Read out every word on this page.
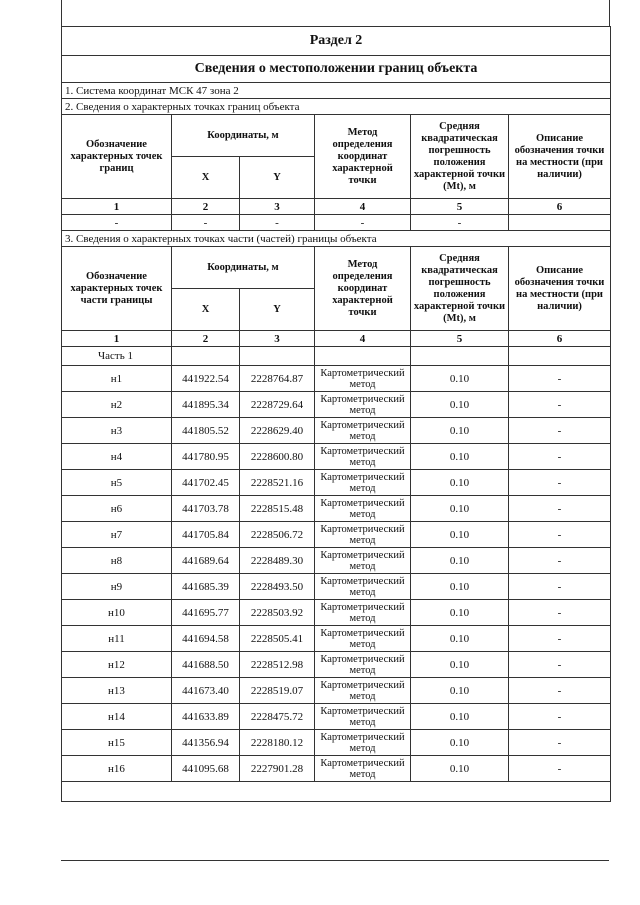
Раздел 2					
Сведения о местоположении границ объекта					
1. Система координат МСК 47 зона 2					
2. Сведения о характерных точках границ объекта					
Обозначение характерных точек границ	Координаты, м		Метод определения координат характерной точки	Средняя квадратическая погрешность положения характерной точки (Mt), м	Описание обозначения точки на местности (при наличии)
	X	Y			
1	2	3	4	5	6
-	-	-	-	-	
3. Сведения о характерных точках части (частей) границы объекта					
Обозначение характерных точек части границы	Координаты, м		Метод определения координат характерной точки	Средняя квадратическая погрешность положения характерной точки (Mt), м	Описание обозначения точки на местности (при наличии)
	X	Y			
1	2	3	4	5	6
Часть 1					
н1	441922.54	2228764.87	Картометрический метод	0.10	-
н2	441895.34	2228729.64	Картометрический метод	0.10	-
н3	441805.52	2228629.40	Картометрический метод	0.10	-
н4	441780.95	2228600.80	Картометрический метод	0.10	-
н5	441702.45	2228521.16	Картометрический метод	0.10	-
н6	441703.78	2228515.48	Картометрический метод	0.10	-
н7	441705.84	2228506.72	Картометрический метод	0.10	-
н8	441689.64	2228489.30	Картометрический метод	0.10	-
н9	441685.39	2228493.50	Картометрический метод	0.10	-
н10	441695.77	2228503.92	Картометрический метод	0.10	-
н11	441694.58	2228505.41	Картометрический метод	0.10	-
н12	441688.50	2228512.98	Картометрический метод	0.10	-
н13	441673.40	2228519.07	Картометрический метод	0.10	-
н14	441633.89	2228475.72	Картометрический метод	0.10	-
н15	441356.94	2228180.12	Картометрический метод	0.10	-
н16	441095.68	2227901.28	Картометрический метод	0.10	-
